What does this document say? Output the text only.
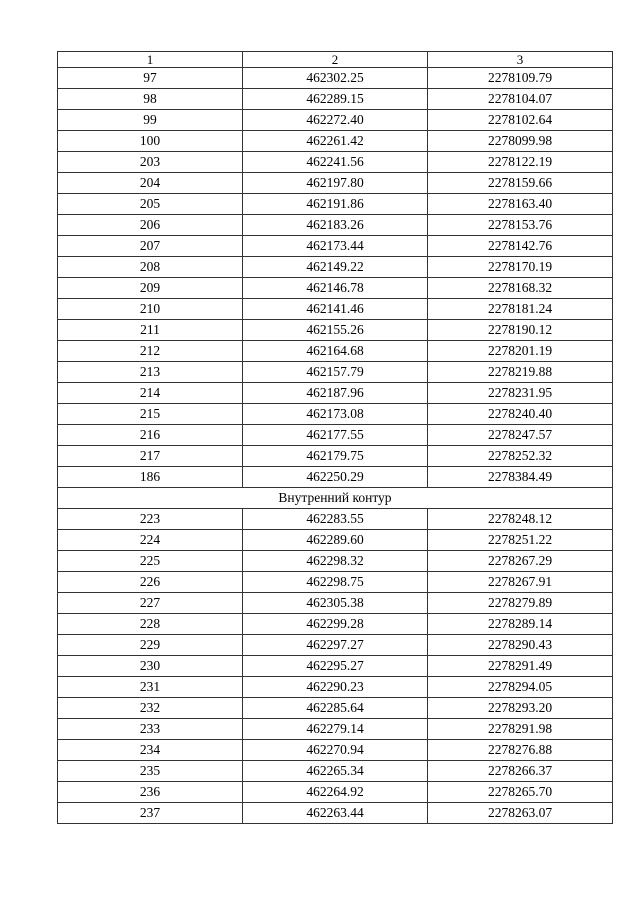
1	2	3
97	462302.25	2278109.79
98	462289.15	2278104.07
99	462272.40	2278102.64
100	462261.42	2278099.98
203	462241.56	2278122.19
204	462197.80	2278159.66
205	462191.86	2278163.40
206	462183.26	2278153.76
207	462173.44	2278142.76
208	462149.22	2278170.19
209	462146.78	2278168.32
210	462141.46	2278181.24
211	462155.26	2278190.12
212	462164.68	2278201.19
213	462157.79	2278219.88
214	462187.96	2278231.95
215	462173.08	2278240.40
216	462177.55	2278247.57
217	462179.75	2278252.32
186	462250.29	2278384.49
Внутренний контур		
223	462283.55	2278248.12
224	462289.60	2278251.22
225	462298.32	2278267.29
226	462298.75	2278267.91
227	462305.38	2278279.89
228	462299.28	2278289.14
229	462297.27	2278290.43
230	462295.27	2278291.49
231	462290.23	2278294.05
232	462285.64	2278293.20
233	462279.14	2278291.98
234	462270.94	2278276.88
235	462265.34	2278266.37
236	462264.92	2278265.70
237	462263.44	2278263.07
